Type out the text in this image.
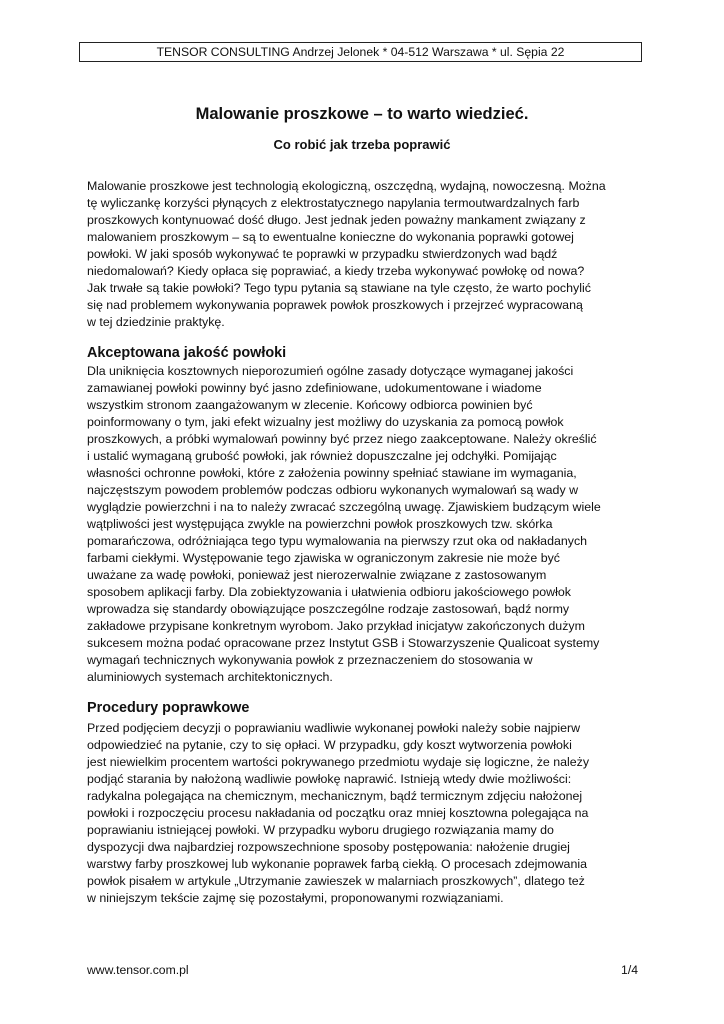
TENSOR CONSULTING Andrzej Jelonek * 04-512 Warszawa * ul. Sępia 22
Malowanie proszkowe – to warto wiedzieć.
Co robić jak trzeba poprawić
Malowanie proszkowe jest technologią ekologiczną, oszczędną, wydajną, nowoczesną. Można
tę wyliczankę korzyści płynących z elektrostatycznego napylania termoutwardzalnych farb
proszkowych kontynuować dość długo. Jest jednak jeden poważny mankament związany z
malowaniem proszkowym – są to ewentualne konieczne do wykonania poprawki gotowej
powłoki. W jaki sposób wykonywać te poprawki w przypadku stwierdzonych wad bądź
niedomalowań? Kiedy opłaca się poprawiać, a kiedy trzeba wykonywać powłokę od nowa?
Jak trwałe są takie powłoki? Tego typu pytania są stawiane na tyle często, że warto pochylić
się nad problemem wykonywania poprawek powłok proszkowych i przejrzeć wypracowaną
w tej dziedzinie praktykę.
Akceptowana jakość powłoki
Dla uniknięcia kosztownych nieporozumień ogólne zasady dotyczące wymaganej jakości
zamawianej powłoki powinny być jasno zdefiniowane, udokumentowane i wiadome
wszystkim stronom zaangażowanym w zlecenie. Końcowy odbiorca powinien być
poinformowany o tym, jaki efekt wizualny jest możliwy do uzyskania za pomocą powłok
proszkowych, a próbki wymalowań powinny być przez niego zaakceptowane. Należy określić
i ustalić wymaganą grubość powłoki, jak również dopuszczalne jej odchyłki. Pomijając
własności ochronne powłoki, które z założenia powinny spełniać stawiane im wymagania,
najczęstszym powodem problemów podczas odbioru wykonanych wymalowań są wady w
wyglądzie powierzchni i na to należy zwracać szczególną uwagę. Zjawiskiem budzącym wiele
wątpliwości jest występująca zwykle na powierzchni powłok proszkowych tzw. skórka
pomarańczowa, odróżniająca tego typu wymalowania na pierwszy rzut oka od nakładanych
farbami ciekłymi. Występowanie tego zjawiska w ograniczonym zakresie nie może być
uważane za wadę powłoki, ponieważ jest nierozerwalnie związane z zastosowanym
sposobem aplikacji farby. Dla zobiektyzowania i ułatwienia odbioru jakościowego powłok
wprowadza się standardy obowiązujące poszczególne rodzaje zastosowań, bądź normy
zakładowe przypisane konkretnym wyrobom. Jako przykład inicjatyw zakończonych dużym
sukcesem można podać opracowane przez Instytut GSB i Stowarzyszenie Qualicoat systemy
wymagań technicznych wykonywania powłok z przeznaczeniem do stosowania w
aluminiowych systemach architektonicznych.
Procedury poprawkowe
Przed podjęciem decyzji o poprawianiu wadliwie wykonanej powłoki należy sobie najpierw
odpowiedzieć na pytanie, czy to się opłaci. W przypadku, gdy koszt wytworzenia powłoki
jest niewielkim procentem wartości pokrywanego przedmiotu wydaje się logiczne, że należy
podjąć starania by nałożoną wadliwie powłokę naprawić. Istnieją wtedy dwie możliwości:
radykalna polegająca na chemicznym, mechanicznym, bądź termicznym zdjęciu nałożonej
powłoki i rozpoczęciu procesu nakładania od początku oraz mniej kosztowna polegająca na
poprawianiu istniejącej powłoki. W przypadku wyboru drugiego rozwiązania mamy do
dyspozycji dwa najbardziej rozpowszechnione sposoby postępowania: nałożenie drugiej
warstwy farby proszkowej lub wykonanie poprawek farbą ciekłą. O procesach zdejmowania
powłok pisałem w artykule „Utrzymanie zawieszek w malarniach proszkowych”, dlatego też
w niniejszym tekście zajmę się pozostałymi, proponowanymi rozwiązaniami.
www.tensor.com.pl	1/4
